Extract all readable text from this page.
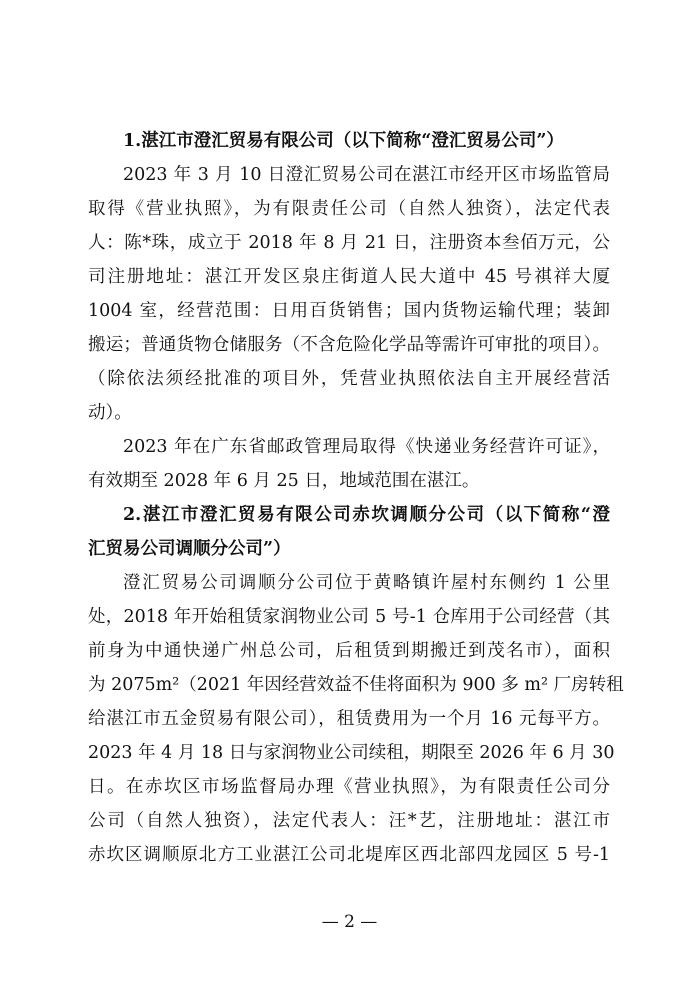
1.湛江市澄汇贸易有限公司（以下简称“澄汇贸易公司”）
2023 年 3 月 10 日澄汇贸易公司在湛江市经开区市场监管局
取得《营业执照》，为有限责任公司（自然人独资），法定代表
人：陈*珠，成立于 2018 年 8 月 21 日，注册资本叁佰万元，公
司注册地址：湛江开发区泉庄街道人民大道中 45 号祺祥大厦
1004 室，经营范围：日用百货销售；国内货物运输代理；装卸
搬运；普通货物仓储服务（不含危险化学品等需许可审批的项目）。
（除依法须经批准的项目外，凭营业执照依法自主开展经营活
动）。
2023 年在广东省邮政管理局取得《快递业务经营许可证》，
有效期至 2028 年 6 月 25 日，地域范围在湛江。
2.湛江市澄汇贸易有限公司赤坎调顺分公司（以下简称“澄
汇贸易公司调顺分公司”）
澄汇贸易公司调顺分公司位于黄略镇许屋村东侧约 1 公里
处，2018 年开始租赁家润物业公司 5 号-1 仓库用于公司经营（其
前身为中通快递广州总公司，后租赁到期搬迁到茂名市），面积
为 2075m²（2021 年因经营效益不佳将面积为 900 多 m² 厂房转租
给湛江市五金贸易有限公司），租赁费用为一个月 16 元每平方。
2023 年 4 月 18 日与家润物业公司续租，期限至 2026 年 6 月 30
日。在赤坎区市场监督局办理《营业执照》，为有限责任公司分
公司（自然人独资），法定代表人：汪*艺，注册地址：湛江市
赤坎区调顺原北方工业湛江公司北堤库区西北部四龙园区 5 号-1
— 2 —
